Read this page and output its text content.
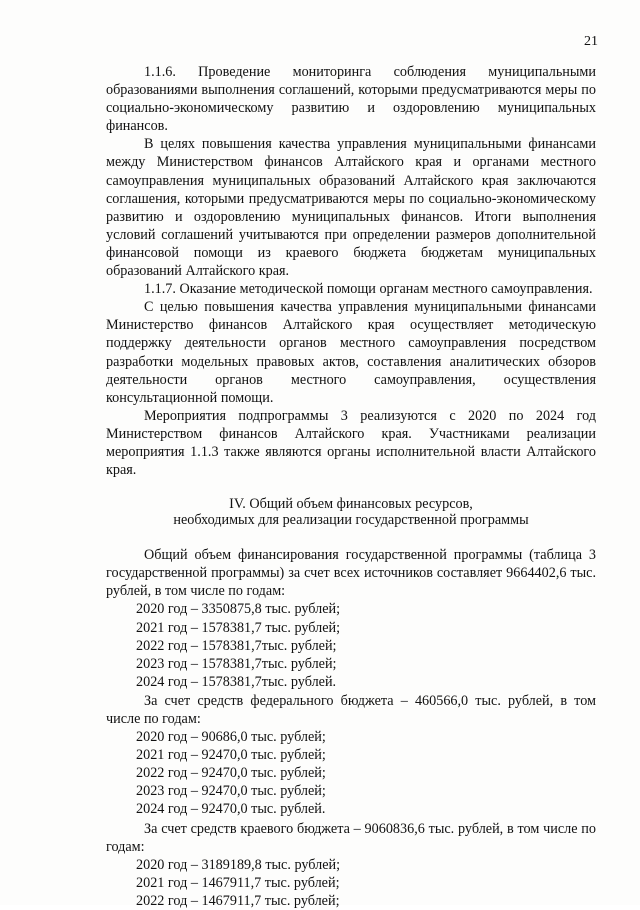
21

1.1.6. Проведение мониторинга соблюдения муниципальными образованиями выполнения соглашений, которыми предусматриваются меры по социально-экономическому развитию и оздоровлению муниципальных финансов.

В целях повышения качества управления муниципальными финансами между Министерством финансов Алтайского края и органами местного самоуправления муниципальных образований Алтайского края заключаются соглашения, которыми предусматриваются меры по социально-экономическому развитию и оздоровлению муниципальных финансов. Итоги выполнения условий соглашений учитываются при определении размеров дополнительной финансовой помощи из краевого бюджета бюджетам муниципальных образований Алтайского края.

1.1.7. Оказание методической помощи органам местного самоуправления.

С целью повышения качества управления муниципальными финансами Министерство финансов Алтайского края осуществляет методическую поддержку деятельности органов местного самоуправления посредством разработки модельных правовых актов, составления аналитических обзоров деятельности органов местного самоуправления, осуществления консультационной помощи.

Мероприятия подпрограммы 3 реализуются с 2020 по 2024 год Министерством финансов Алтайского края. Участниками реализации мероприятия 1.1.3 также являются органы исполнительной власти Алтайского края.

IV. Общий объем финансовых ресурсов,
необходимых для реализации государственной программы

Общий объем финансирования государственной программы (таблица 3 государственной программы) за счет всех источников составляет 9664402,6 тыс. рублей, в том числе по годам:

2020 год – 3350875,8 тыс. рублей;
2021 год – 1578381,7 тыс. рублей;
2022 год – 1578381,7тыс. рублей;
2023 год – 1578381,7тыс. рублей;
2024 год – 1578381,7тыс. рублей.

За счет средств федерального бюджета – 460566,0 тыс. рублей, в том числе по годам:

2020 год – 90686,0 тыс. рублей;
2021 год – 92470,0 тыс. рублей;
2022 год – 92470,0 тыс. рублей;
2023 год – 92470,0 тыс. рублей;
2024 год – 92470,0 тыс. рублей.

За счет средств краевого бюджета – 9060836,6 тыс. рублей, в том числе по годам:

2020 год – 3189189,8 тыс. рублей;
2021 год – 1467911,7 тыс. рублей;
2022 год – 1467911,7 тыс. рублей;
